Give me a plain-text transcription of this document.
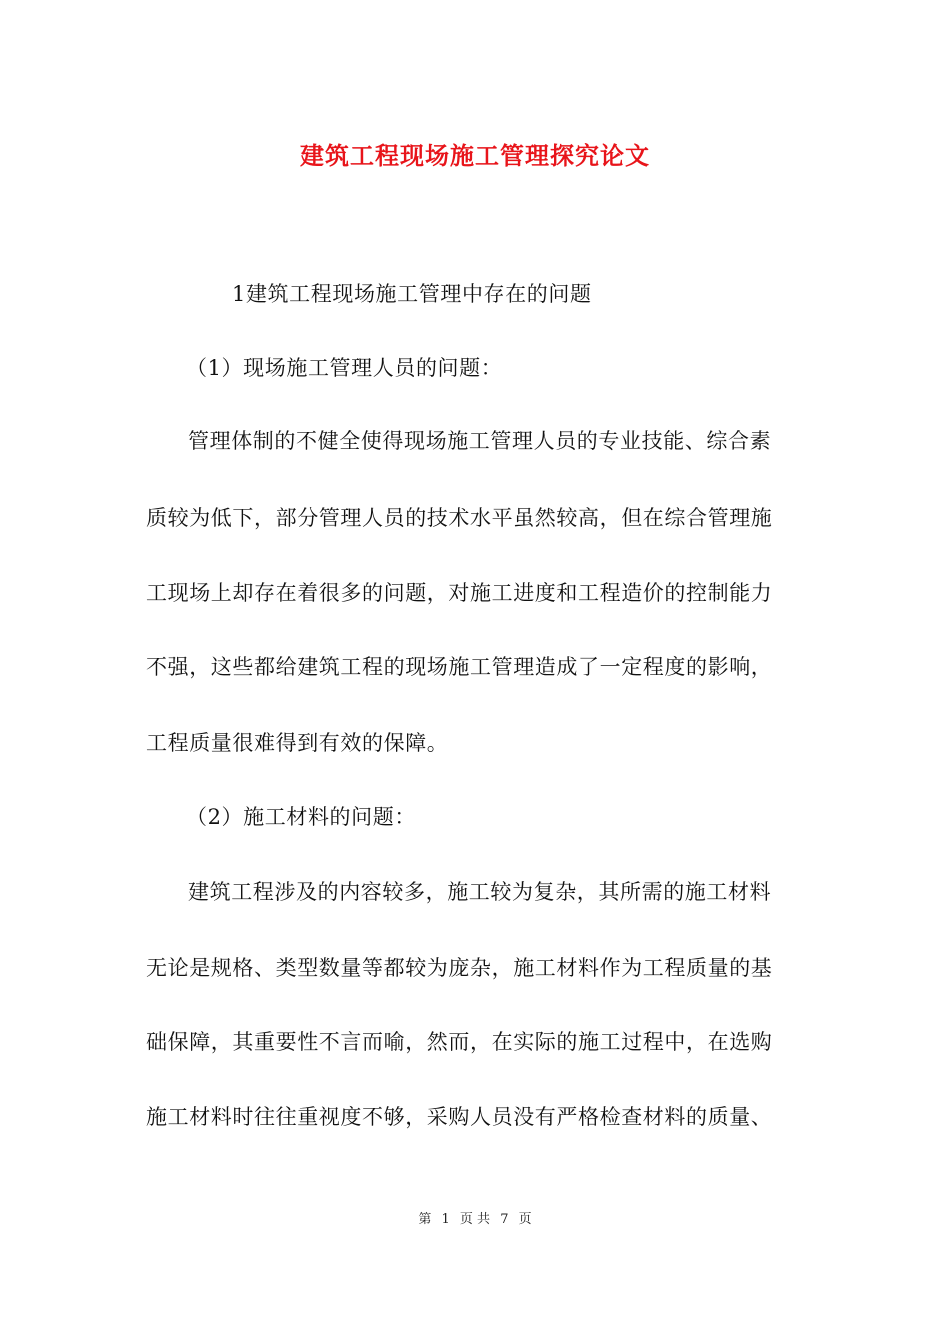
建筑工程现场施工管理探究论文
1建筑工程现场施工管理中存在的问题
（1）现场施工管理人员的问题：
管理体制的不健全使得现场施工管理人员的专业技能、综合素
质较为低下，部分管理人员的技术水平虽然较高，但在综合管理施
工现场上却存在着很多的问题，对施工进度和工程造价的控制能力
不强，这些都给建筑工程的现场施工管理造成了一定程度的影响，
工程质量很难得到有效的保障。
（2）施工材料的问题：
建筑工程涉及的内容较多，施工较为复杂，其所需的施工材料
无论是规格、类型数量等都较为庞杂，施工材料作为工程质量的基
础保障，其重要性不言而喻，然而，在实际的施工过程中，在选购
施工材料时往往重视度不够，采购人员没有严格检查材料的质量、
第 1 页 共 7 页
